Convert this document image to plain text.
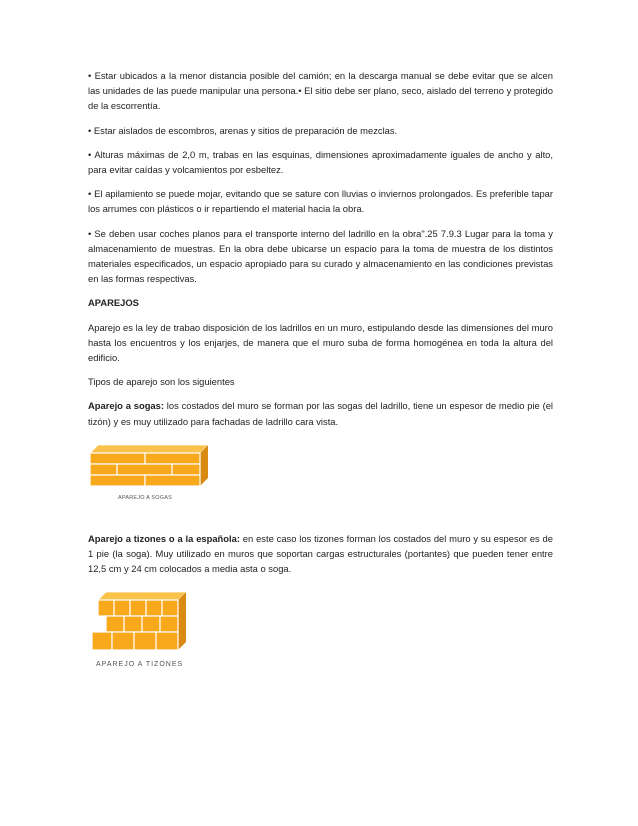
• Estar ubicados a la menor distancia posible del camión; en la descarga manual se debe evitar que se alcen las unidades de las puede manipular una persona.• El sitio debe ser plano, seco, aislado del terreno y protegido de la escorrentía.

• Estar aislados de escombros, arenas y sitios de preparación de mezclas.

• Alturas máximas de 2,0 m, trabas en las esquinas, dimensiones aproximadamente iguales de ancho y alto, para evitar caídas y volcamientos por esbeltez.

• El apilamiento se puede mojar, evitando que se sature con lluvias o inviernos prolongados. Es preferible tapar los arrumes con plásticos o ir repartiendo el material hacia la obra.

• Se deben usar coches planos para el transporte interno del ladrillo en la obra".25 7.9.3 Lugar para la toma y almacenamiento de muestras. En la obra debe ubicarse un espacio para la toma de muestra de los distintos materiales especificados, un espacio apropiado para su curado y almacenamiento en las condiciones previstas en las formas respectivas.

APAREJOS

Aparejo es la ley de trabao disposición de los ladrillos en un muro, estipulando desde las dimensiones del muro hasta los encuentros y los enjarjes, de manera que el muro suba de forma homogénea en toda la altura del edificio.

Tipos de aparejo son los siguientes

Aparejo a sogas: los costados del muro se forman por las sogas del ladrillo, tiene un espesor de medio pie (el tizón) y es muy utilizado para fachadas de ladrillo cara vista.

APAREJO A SOGAS

Aparejo a tizones o a la española: en este caso los tizones forman los costados del muro y su espesor es de 1 pie (la soga). Muy utilizado en muros que soportan cargas estructurales (portantes) que pueden tener entre 12,5 cm y 24 cm colocados a media asta o soga.

APAREJO A TIZONES
